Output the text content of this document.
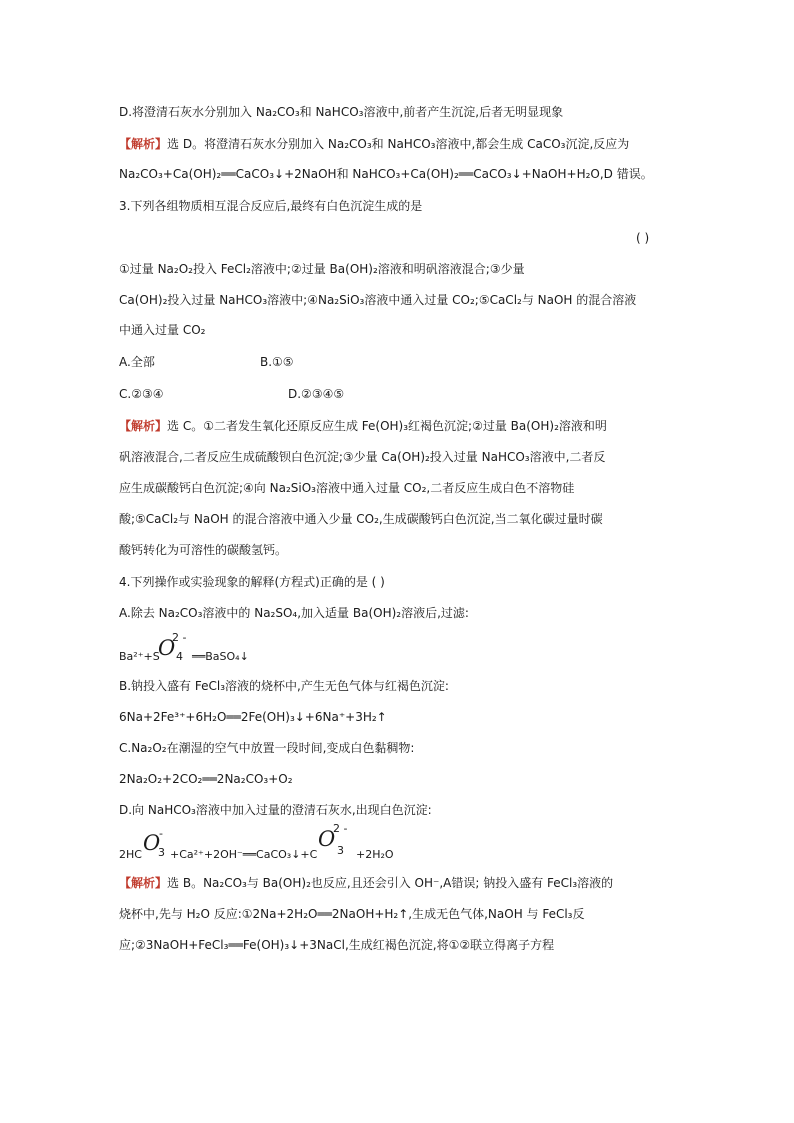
D.将澄清石灰水分别加入 Na₂CO₃和 NaHCO₃溶液中,前者产生沉淀,后者无明显现象
【解析】选 D。将澄清石灰水分别加入 Na₂CO₃和 NaHCO₃溶液中,都会生成 CaCO₃沉淀,反应为
Na₂CO₃+Ca(OH)₂══CaCO₃↓+2NaOH和 NaHCO₃+Ca(OH)₂══CaCO₃↓+NaOH+H₂O,D 错误。
3.下列各组物质相互混合反应后,最终有白色沉淀生成的是
( )
①过量 Na₂O₂投入 FeCl₂溶液中;②过量 Ba(OH)₂溶液和明矾溶液混合;③少量
Ca(OH)₂投入过量 NaHCO₃溶液中;④Na₂SiO₃溶液中通入过量 CO₂;⑤CaCl₂与 NaOH 的混合溶液
中通入过量 CO₂
A.全部	B.①⑤
C.②③④	D.②③④⑤
【解析】选 C。①二者发生氧化还原反应生成 Fe(OH)₃红褐色沉淀;②过量 Ba(OH)₂溶液和明
矾溶液混合,二者反应生成硫酸钡白色沉淀;③少量 Ca(OH)₂投入过量 NaHCO₃溶液中,二者反
应生成碳酸钙白色沉淀;④向 Na₂SiO₃溶液中通入过量 CO₂,二者反应生成白色不溶物硅
酸;⑤CaCl₂与 NaOH 的混合溶液中通入少量 CO₂,生成碳酸钙白色沉淀,当二氧化碳过量时碳
酸钙转化为可溶性的碳酸氢钙。
4.下列操作或实验现象的解释(方程式)正确的是 ( )
A.除去 Na₂CO₃溶液中的 Na₂SO₄,加入适量 Ba(OH)₂溶液后,过滤:
Ba²⁺+S
O
2 -
4 ══BaSO₄↓
B.钠投入盛有 FeCl₃溶液的烧杯中,产生无色气体与红褐色沉淀:
6Na+2Fe³⁺+6H₂O══2Fe(OH)₃↓+6Na⁺+3H₂↑
C.Na₂O₂在潮湿的空气中放置一段时间,变成白色黏稠物:
2Na₂O₂+2CO₂══2Na₂CO₃+O₂
D.向 NaHCO₃溶液中加入过量的澄清石灰水,出现白色沉淀:
2HC O
-
3 +Ca²⁺+2OH⁻══CaCO₃↓+C
O
2 -
3 +2H₂O
【解析】选 B。Na₂CO₃与 Ba(OH)₂也反应,且还会引入 OH⁻,A错误; 钠投入盛有 FeCl₃溶液的
烧杯中,先与 H₂O 反应:①2Na+2H₂O══2NaOH+H₂↑,生成无色气体,NaOH 与 FeCl₃反
应;②3NaOH+FeCl₃══Fe(OH)₃↓+3NaCl,生成红褐色沉淀,将①②联立得离子方程
